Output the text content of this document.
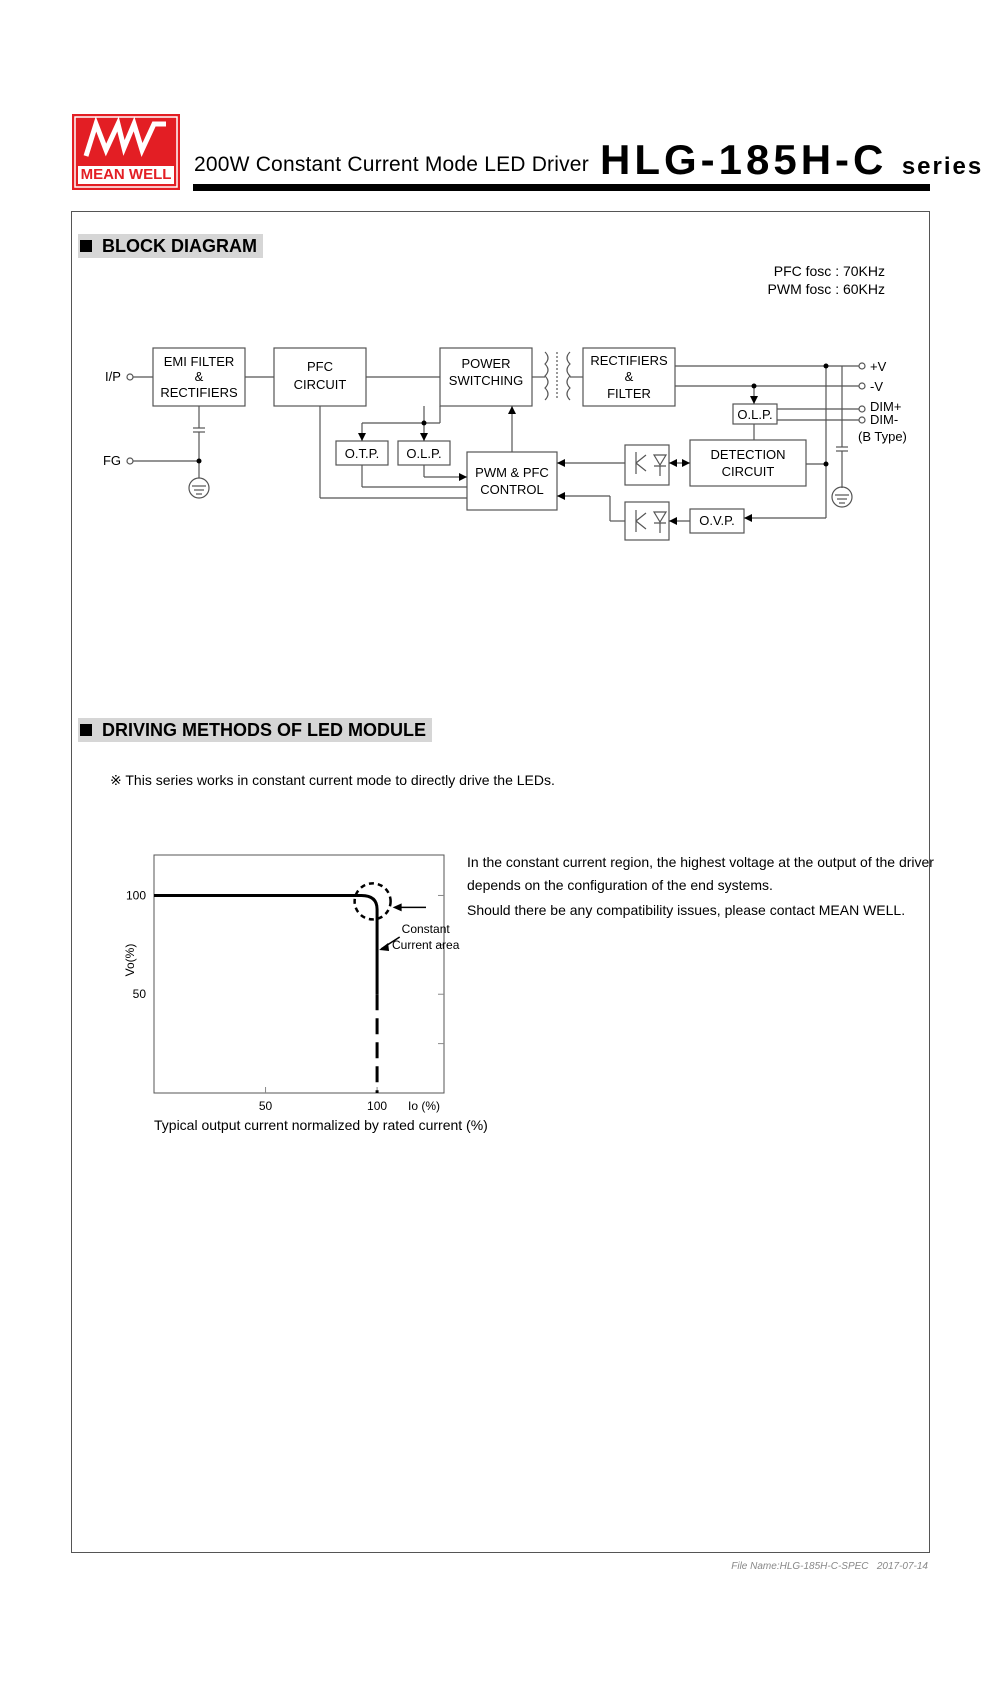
MEAN WELL 200W Constant Current Mode LED Driver HLG-185H-C series
BLOCK DIAGRAM
PFC fosc : 70KHz
PWM fosc : 60KHz
I/P
FG
EMI FILTER
&
RECTIFIERS
PFC
CIRCUIT
POWER
SWITCHING
RECTIFIERS
&
FILTER
O.T.P. O.L.P.
O.L.P.
PWM & PFC
CONTROL
DETECTION
CIRCUIT
O.V.P.
+V
-V
DIM+
DIM-
(B Type)
DRIVING METHODS OF LED MODULE
※ This series works in constant current mode to directly drive the LEDs.
In the constant current region, the highest voltage at the output of the driver
depends on the configuration of the end systems.
Should there be any compatibility issues, please contact MEAN WELL.
100
50
50	100 Io (%)
Vo(%)
Constant
Current area
Typical output current normalized by rated current (%)
File Name:HLG-185H-C-SPEC   2017-07-14
